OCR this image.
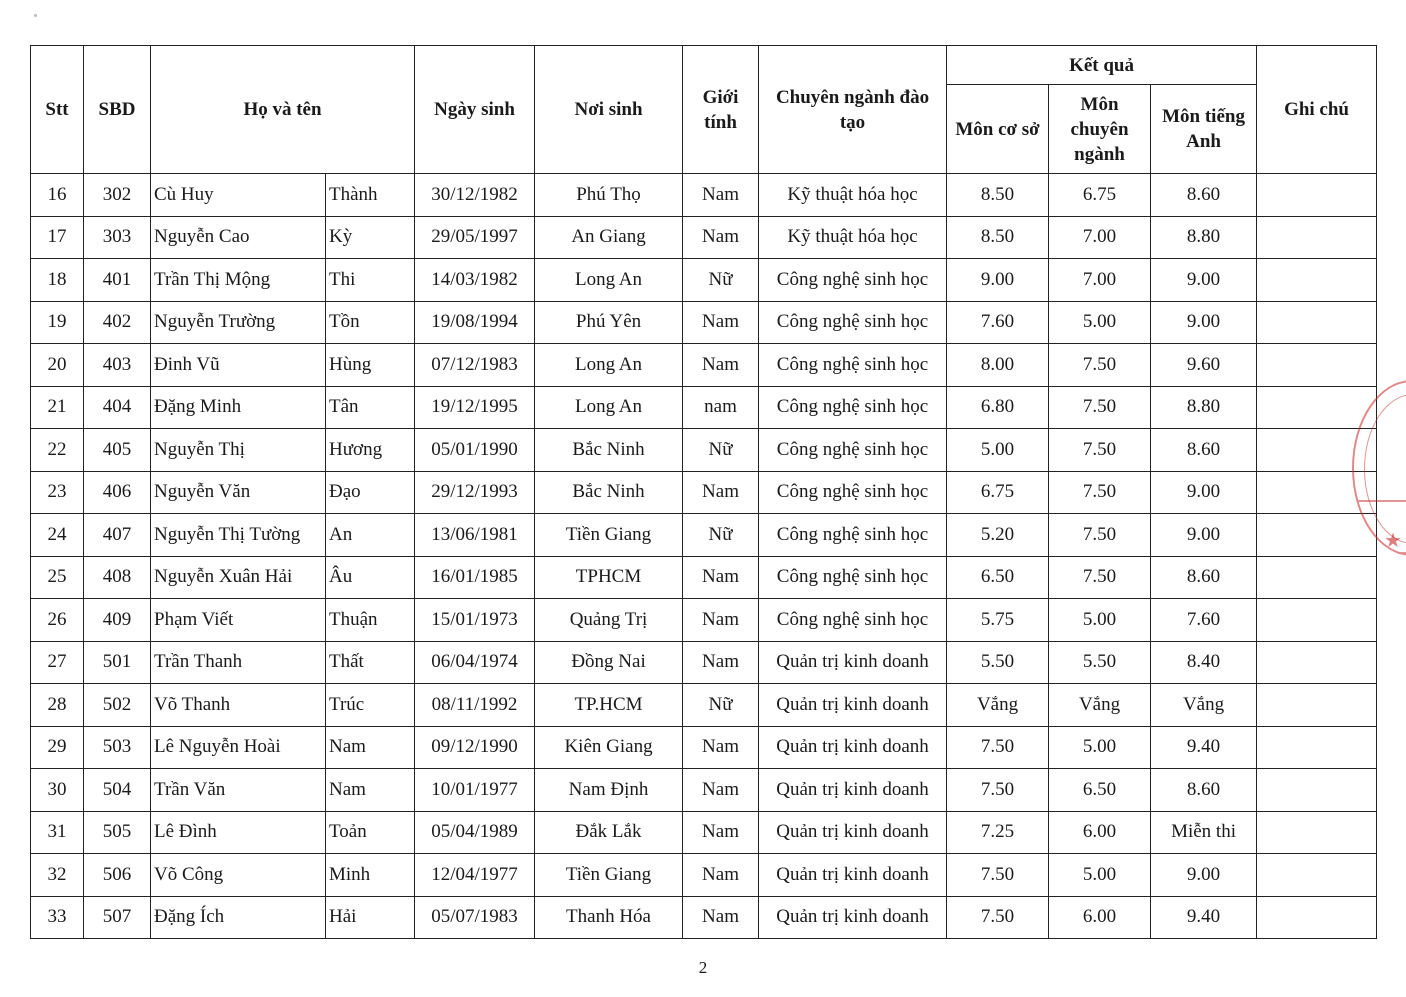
Stt	SBD	Họ và tên		Ngày sinh	Nơi sinh	Giới tính	Chuyên ngành đào tạo	Kết quả			Ghi chú
								Môn cơ sở	Môn chuyên ngành	Môn tiếng Anh	
16	302	Cù Huy	Thành	30/12/1982	Phú Thọ	Nam	Kỹ thuật hóa học	8.50	6.75	8.60	
17	303	Nguyễn Cao	Kỳ	29/05/1997	An Giang	Nam	Kỹ thuật hóa học	8.50	7.00	8.80	
18	401	Trần Thị Mộng	Thi	14/03/1982	Long An	Nữ	Công nghệ sinh học	9.00	7.00	9.00	
19	402	Nguyễn Trường	Tồn	19/08/1994	Phú Yên	Nam	Công nghệ sinh học	7.60	5.00	9.00	
20	403	Đinh Vũ	Hùng	07/12/1983	Long An	Nam	Công nghệ sinh học	8.00	7.50	9.60	
21	404	Đặng Minh	Tân	19/12/1995	Long An	nam	Công nghệ sinh học	6.80	7.50	8.80	
22	405	Nguyễn Thị	Hương	05/01/1990	Bắc Ninh	Nữ	Công nghệ sinh học	5.00	7.50	8.60	
23	406	Nguyễn Văn	Đạo	29/12/1993	Bắc Ninh	Nam	Công nghệ sinh học	6.75	7.50	9.00	
24	407	Nguyễn Thị Tường	An	13/06/1981	Tiền Giang	Nữ	Công nghệ sinh học	5.20	7.50	9.00	
25	408	Nguyễn Xuân Hải	Âu	16/01/1985	TPHCM	Nam	Công nghệ sinh học	6.50	7.50	8.60	
26	409	Phạm Viết	Thuận	15/01/1973	Quảng Trị	Nam	Công nghệ sinh học	5.75	5.00	7.60	
27	501	Trần Thanh	Thất	06/04/1974	Đồng Nai	Nam	Quản trị kinh doanh	5.50	5.50	8.40	
28	502	Võ Thanh	Trúc	08/11/1992	TP.HCM	Nữ	Quản trị kinh doanh	Vắng	Vắng	Vắng	
29	503	Lê Nguyễn Hoài	Nam	09/12/1990	Kiên Giang	Nam	Quản trị kinh doanh	7.50	5.00	9.40	
30	504	Trần Văn	Nam	10/01/1977	Nam Định	Nam	Quản trị kinh doanh	7.50	6.50	8.60	
31	505	Lê Đình	Toản	05/04/1989	Đắk Lắk	Nam	Quản trị kinh doanh	7.25	6.00	Miễn thi	
32	506	Võ Công	Minh	12/04/1977	Tiền Giang	Nam	Quản trị kinh doanh	7.50	5.00	9.00	
33	507	Đặng Ích	Hải	05/07/1983	Thanh Hóa	Nam	Quản trị kinh doanh	7.50	6.00	9.40	
★
2
